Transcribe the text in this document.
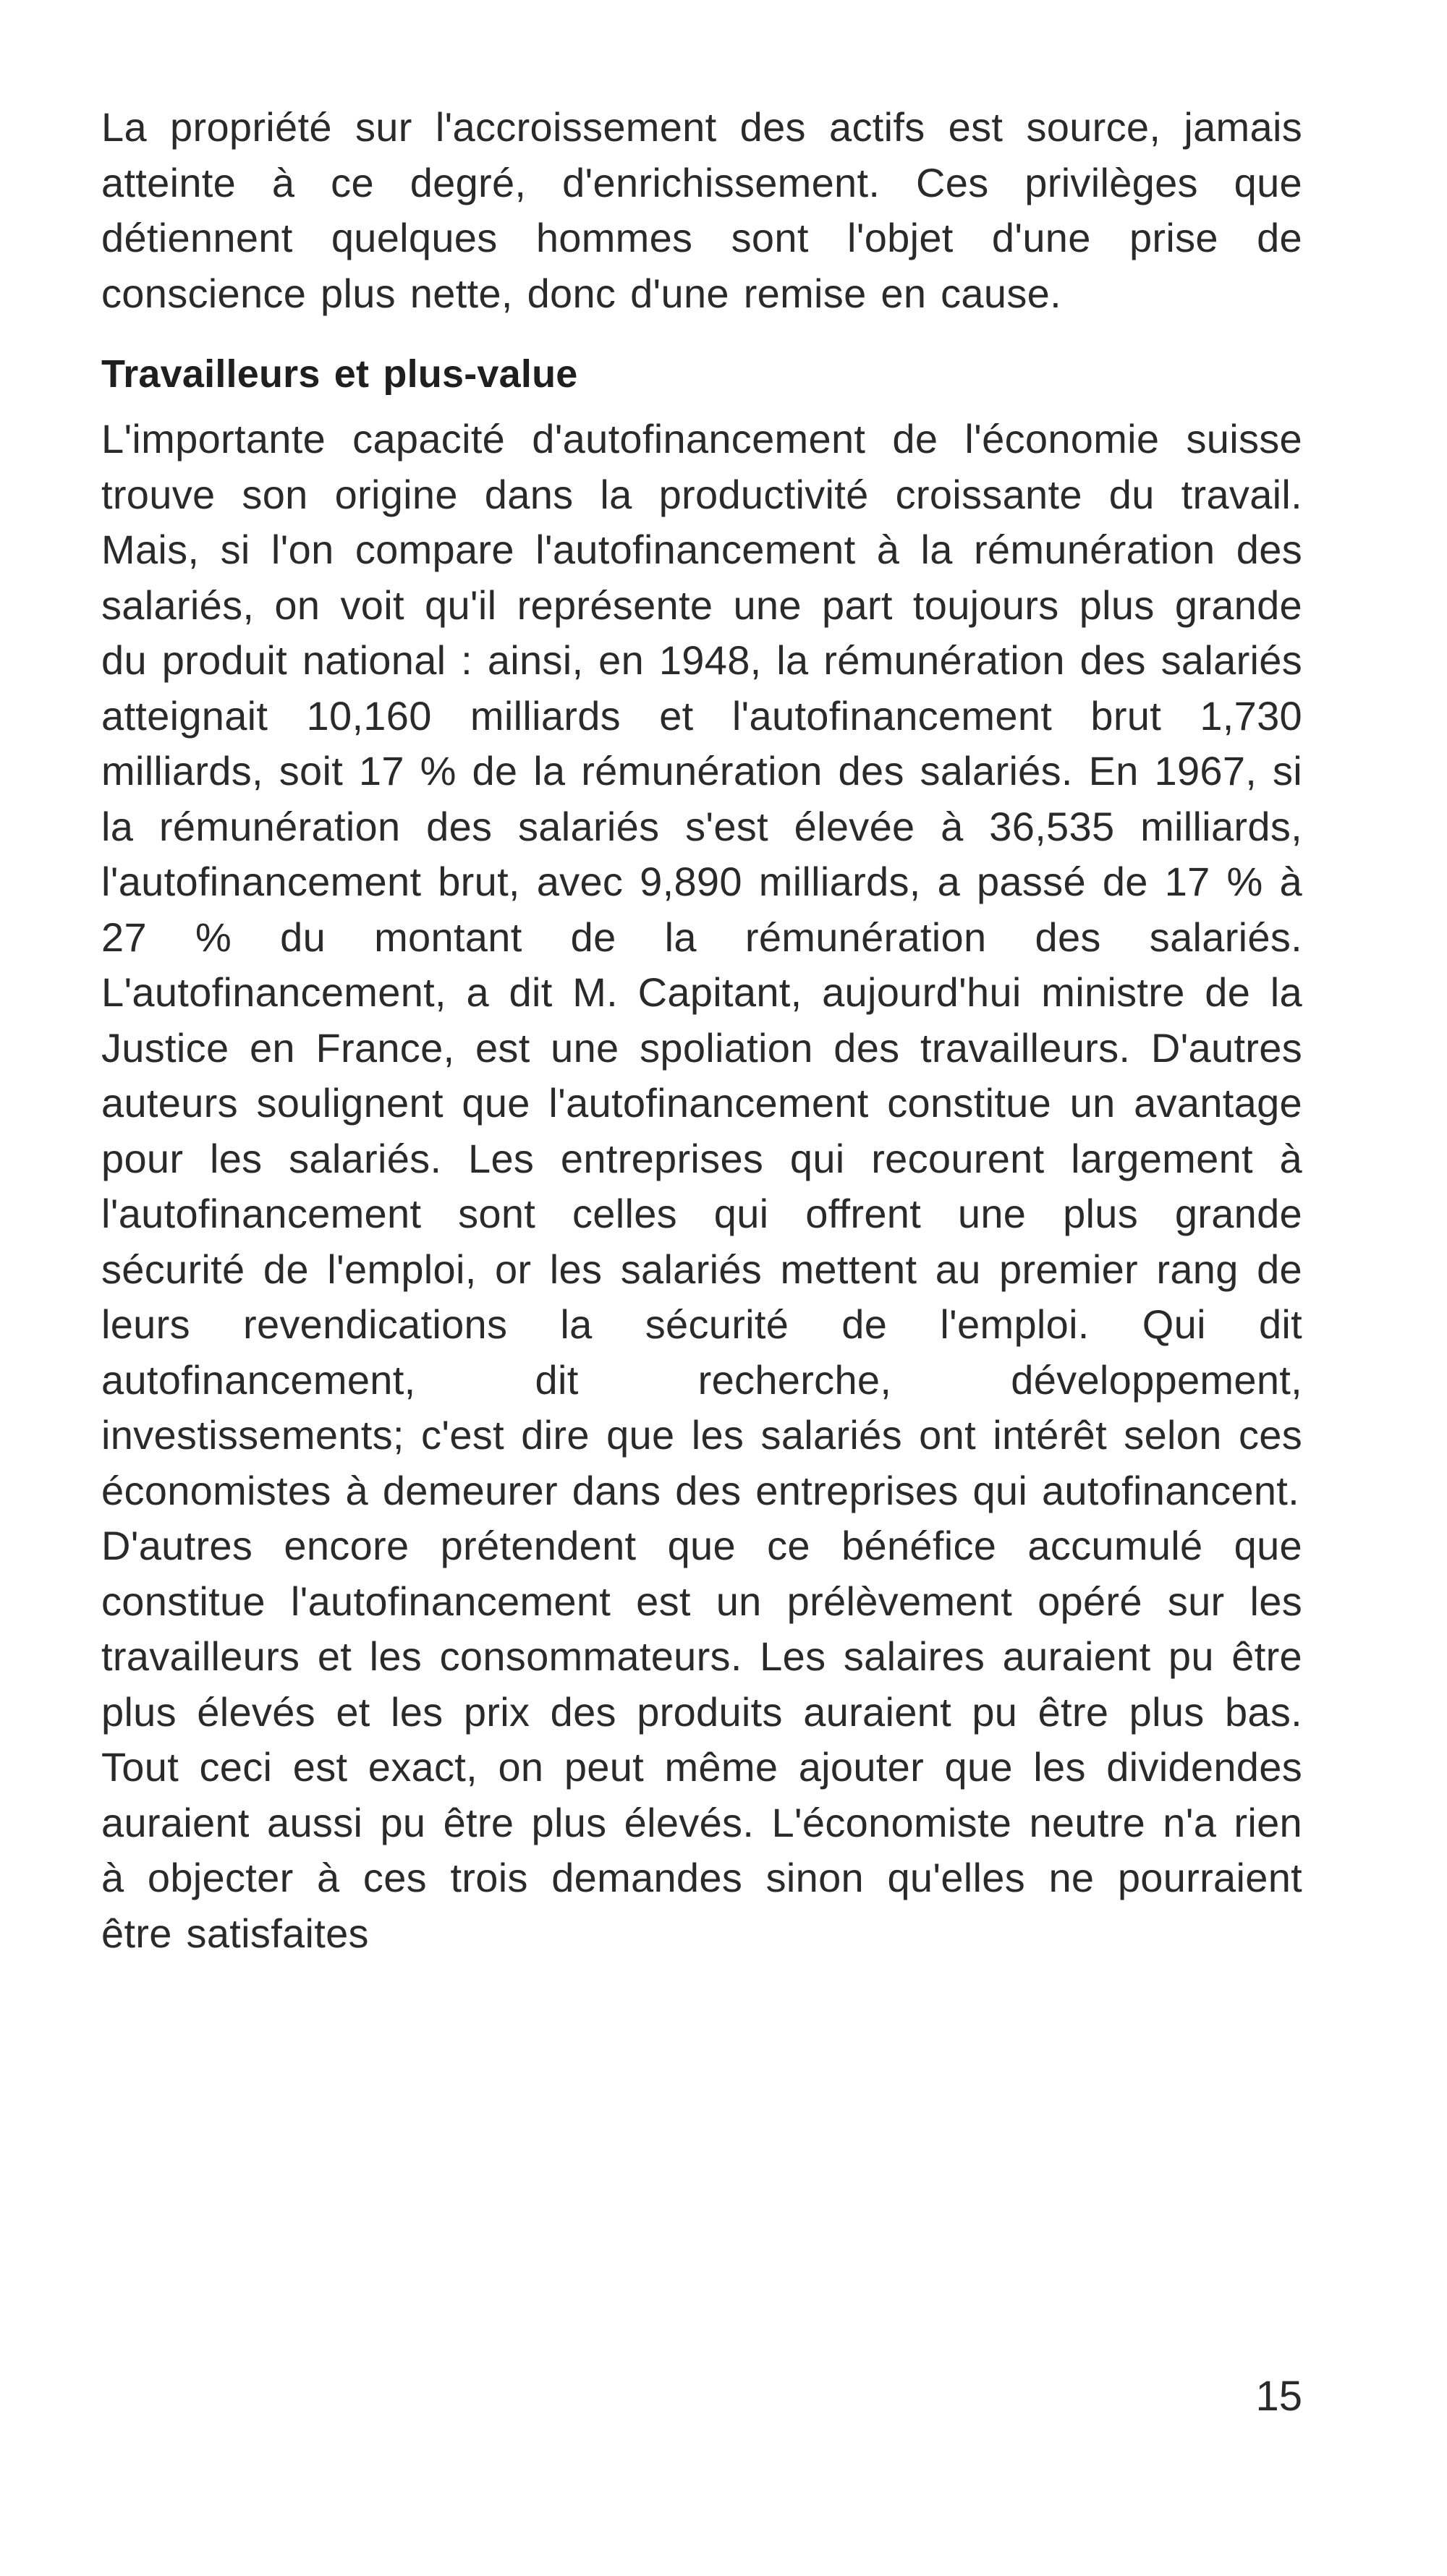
La propriété sur l'accroissement des actifs est source, jamais atteinte à ce degré, d'enrichissement. Ces privilèges que détiennent quelques hommes sont l'objet d'une prise de conscience plus nette, donc d'une remise en cause.

Travailleurs et plus-value

L'importante capacité d'autofinancement de l'économie suisse trouve son origine dans la productivité croissante du travail. Mais, si l'on compare l'autofinancement à la rémunération des salariés, on voit qu'il représente une part toujours plus grande du produit national : ainsi, en 1948, la rémunération des salariés atteignait 10,160 milliards et l'autofinancement brut 1,730 milliards, soit 17 % de la rémunération des salariés. En 1967, si la rémunération des salariés s'est élevée à 36,535 milliards, l'autofinancement brut, avec 9,890 milliards, a passé de 17 % à 27 % du montant de la rémunération des salariés. L'autofinancement, a dit M. Capitant, aujourd'hui ministre de la Justice en France, est une spoliation des travailleurs. D'autres auteurs soulignent que l'autofinancement constitue un avantage pour les salariés. Les entreprises qui recourent largement à l'autofinancement sont celles qui offrent une plus grande sécurité de l'emploi, or les salariés mettent au premier rang de leurs revendications la sécurité de l'emploi. Qui dit autofinancement, dit recherche, développement, investissements; c'est dire que les salariés ont intérêt selon ces économistes à demeurer dans des entreprises qui autofinancent.

D'autres encore prétendent que ce bénéfice accumulé que constitue l'autofinancement est un prélèvement opéré sur les travailleurs et les consommateurs. Les salaires auraient pu être plus élevés et les prix des produits auraient pu être plus bas. Tout ceci est exact, on peut même ajouter que les dividendes auraient aussi pu être plus élevés. L'économiste neutre n'a rien à objecter à ces trois demandes sinon qu'elles ne pourraient être satisfaites

15
